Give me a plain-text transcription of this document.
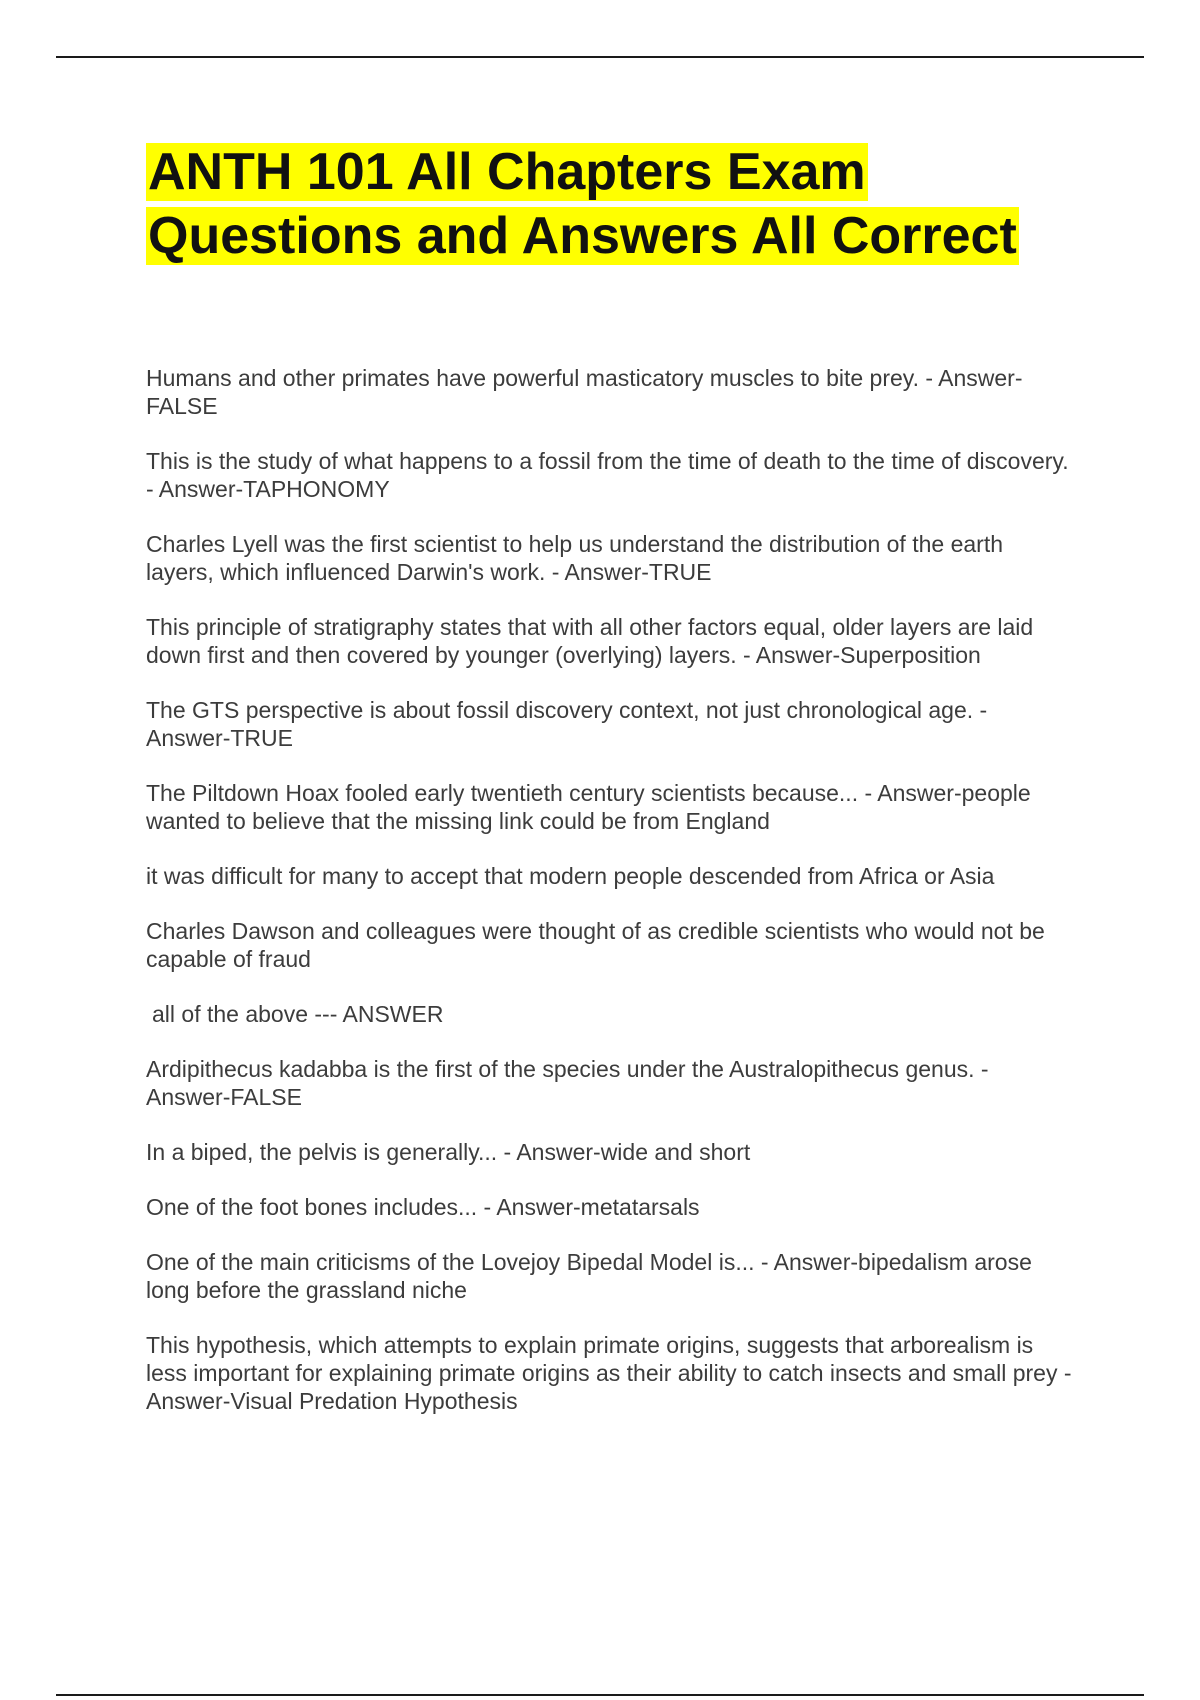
ANTH 101 All Chapters Exam
Questions and Answers All Correct

Humans and other primates have powerful masticatory muscles to bite prey. - Answer-FALSE

This is the study of what happens to a fossil from the time of death to the time of discovery. - Answer-TAPHONOMY

Charles Lyell was the first scientist to help us understand the distribution of the earth layers, which influenced Darwin's work. - Answer-TRUE

This principle of stratigraphy states that with all other factors equal, older layers are laid down first and then covered by younger (overlying) layers. - Answer-Superposition

The GTS perspective is about fossil discovery context, not just chronological age. - Answer-TRUE

The Piltdown Hoax fooled early twentieth century scientists because... - Answer-people wanted to believe that the missing link could be from England

it was difficult for many to accept that modern people descended from Africa or Asia

Charles Dawson and colleagues were thought of as credible scientists who would not be capable of fraud

all of the above --- ANSWER

Ardipithecus kadabba is the first of the species under the Australopithecus genus. - Answer-FALSE

In a biped, the pelvis is generally... - Answer-wide and short

One of the foot bones includes... - Answer-metatarsals

One of the main criticisms of the Lovejoy Bipedal Model is... - Answer-bipedalism arose long before the grassland niche

This hypothesis, which attempts to explain primate origins, suggests that arborealism is less important for explaining primate origins as their ability to catch insects and small prey - Answer-Visual Predation Hypothesis
